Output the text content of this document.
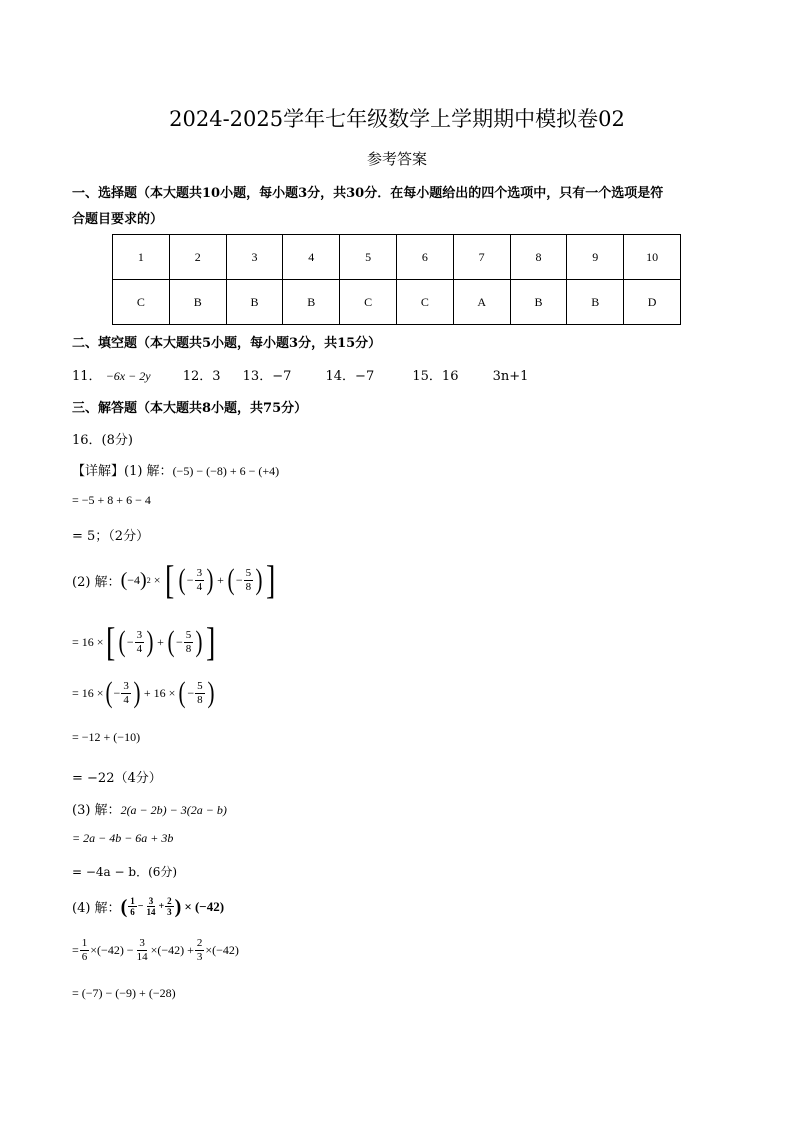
2024-2025学年七年级数学上学期期中模拟卷02
参考答案
一、选择题（本大题共10小题，每小题3分，共30分．在每小题给出的四个选项中，只有一个选项是符
合题目要求的）
1	2	3	4	5	6	7	8	9	10
C	B	B	B	C	C	A	B	B	D
二、填空题（本大题共5小题，每小题3分，共15分）
11． −6x − 2y 12．3 13．−7	14．−7	15．16	3n+1
三、解答题（本大题共8小题，共75分）
16．(8分)
【详解】(1) 解：(−5) − (−8) + 6 − (+4)
= −5 + 8 + 6 − 4
= 5；（2分）
(2) 解： ( −4 ) 2 × [ ( − $\frac{3}{4}$ ) + ( − $\frac{5}{8}$ ) ]
= 16 × [ ( − $\frac{3}{4}$ ) + ( − $\frac{5}{8}$ ) ]
= 16 × ( − $\frac{3}{4}$ ) + 16 × ( − $\frac{5}{8}$ )
= −12 + (−10)
= −22（4分）
(3) 解：2(a − 2b) − 3(2a − b)
= 2a − 4b − 6a + 3b
= −4a − b．(6分)
(4) 解： ( $\frac{1}{6} - \frac{3}{14} + \frac{2}{3}$ ) × (−42)
= $\frac{1}{6} \times(-42) - \frac{3}{14} \times(-42) + \frac{2}{3} \times(-42)$
= (−7) − (−9) + (−28)
